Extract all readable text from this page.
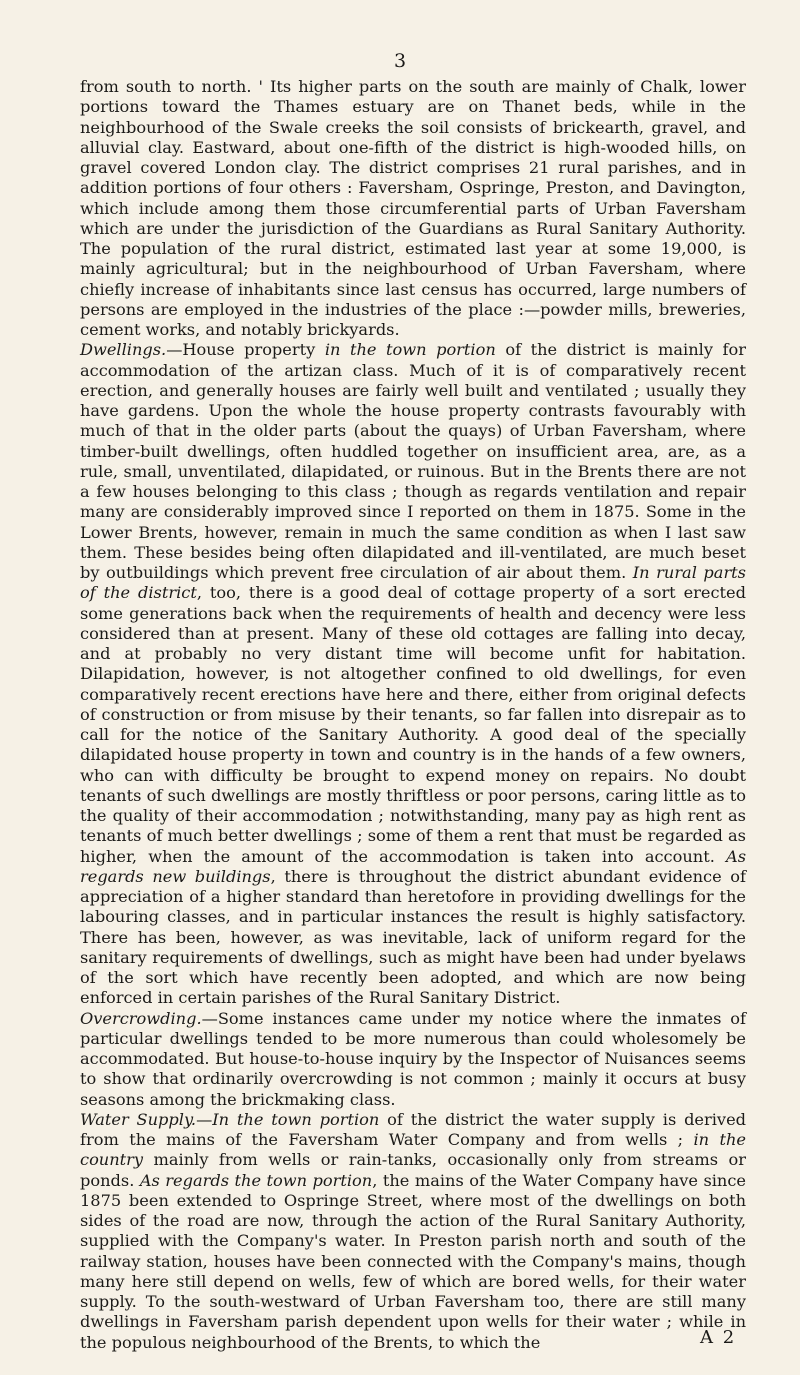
3

from south to north. ' Its higher parts on the south are mainly of Chalk, lower portions toward the Thames estuary are on Thanet beds, while in the neighbourhood of the Swale creeks the soil consists of brickearth, gravel, and alluvial clay. Eastward, about one-fifth of the district is high-wooded hills, on gravel covered London clay. The district comprises 21 rural parishes, and in addition portions of four others : Faversham, Ospringe, Preston, and Davington, which include among them those circumferential parts of Urban Faversham which are under the jurisdiction of the Guardians as Rural Sanitary Authority. The population of the rural district, estimated last year at some 19,000, is mainly agricultural; but in the neighbourhood of Urban Faversham, where chiefly increase of inhabitants since last census has occurred, large numbers of persons are employed in the industries of the place :—powder mills, breweries, cement works, and notably brickyards.

Dwellings.—House property in the town portion of the district is mainly for accommodation of the artizan class. Much of it is of comparatively recent erection, and generally houses are fairly well built and ventilated ; usually they have gardens. Upon the whole the house property contrasts favourably with much of that in the older parts (about the quays) of Urban Faversham, where timber-built dwellings, often huddled together on insufficient area, are, as a rule, small, unventilated, dilapidated, or ruinous. But in the Brents there are not a few houses belonging to this class ; though as regards ventilation and repair many are considerably improved since I reported on them in 1875. Some in the Lower Brents, however, remain in much the same condition as when I last saw them. These besides being often dilapidated and ill-ventilated, are much beset by outbuildings which prevent free circulation of air about them. In rural parts of the district, too, there is a good deal of cottage property of a sort erected some generations back when the requirements of health and decency were less considered than at present. Many of these old cottages are falling into decay, and at probably no very distant time will become unfit for habitation. Dilapidation, however, is not altogether confined to old dwellings, for even comparatively recent erections have here and there, either from original defects of construction or from misuse by their tenants, so far fallen into disrepair as to call for the notice of the Sanitary Authority. A good deal of the specially dilapidated house property in town and country is in the hands of a few owners, who can with difficulty be brought to expend money on repairs. No doubt tenants of such dwellings are mostly thriftless or poor persons, caring little as to the quality of their accommodation ; notwithstanding, many pay as high rent as tenants of much better dwellings ; some of them a rent that must be regarded as higher, when the amount of the accommodation is taken into account. As regards new buildings, there is throughout the district abundant evidence of appreciation of a higher standard than heretofore in providing dwellings for the labouring classes, and in particular instances the result is highly satisfactory. There has been, however, as was inevitable, lack of uniform regard for the sanitary requirements of dwellings, such as might have been had under byelaws of the sort which have recently been adopted, and which are now being enforced in certain parishes of the Rural Sanitary District.

Overcrowding.—Some instances came under my notice where the inmates of particular dwellings tended to be more numerous than could wholesomely be accommodated. But house-to-house inquiry by the Inspector of Nuisances seems to show that ordinarily overcrowding is not common ; mainly it occurs at busy seasons among the brickmaking class.

Water Supply.—In the town portion of the district the water supply is derived from the mains of the Faversham Water Company and from wells ; in the country mainly from wells or rain-tanks, occasionally only from streams or ponds. As regards the town portion, the mains of the Water Company have since 1875 been extended to Ospringe Street, where most of the dwellings on both sides of the road are now, through the action of the Rural Sanitary Authority, supplied with the Company's water. In Preston parish north and south of the railway station, houses have been connected with the Company's mains, though many here still depend on wells, few of which are bored wells, for their water supply. To the south-westward of Urban Faversham too, there are still many dwellings in Faversham parish dependent upon wells for their water ; while in the populous neighbourhood of the Brents, to which the	A 2
